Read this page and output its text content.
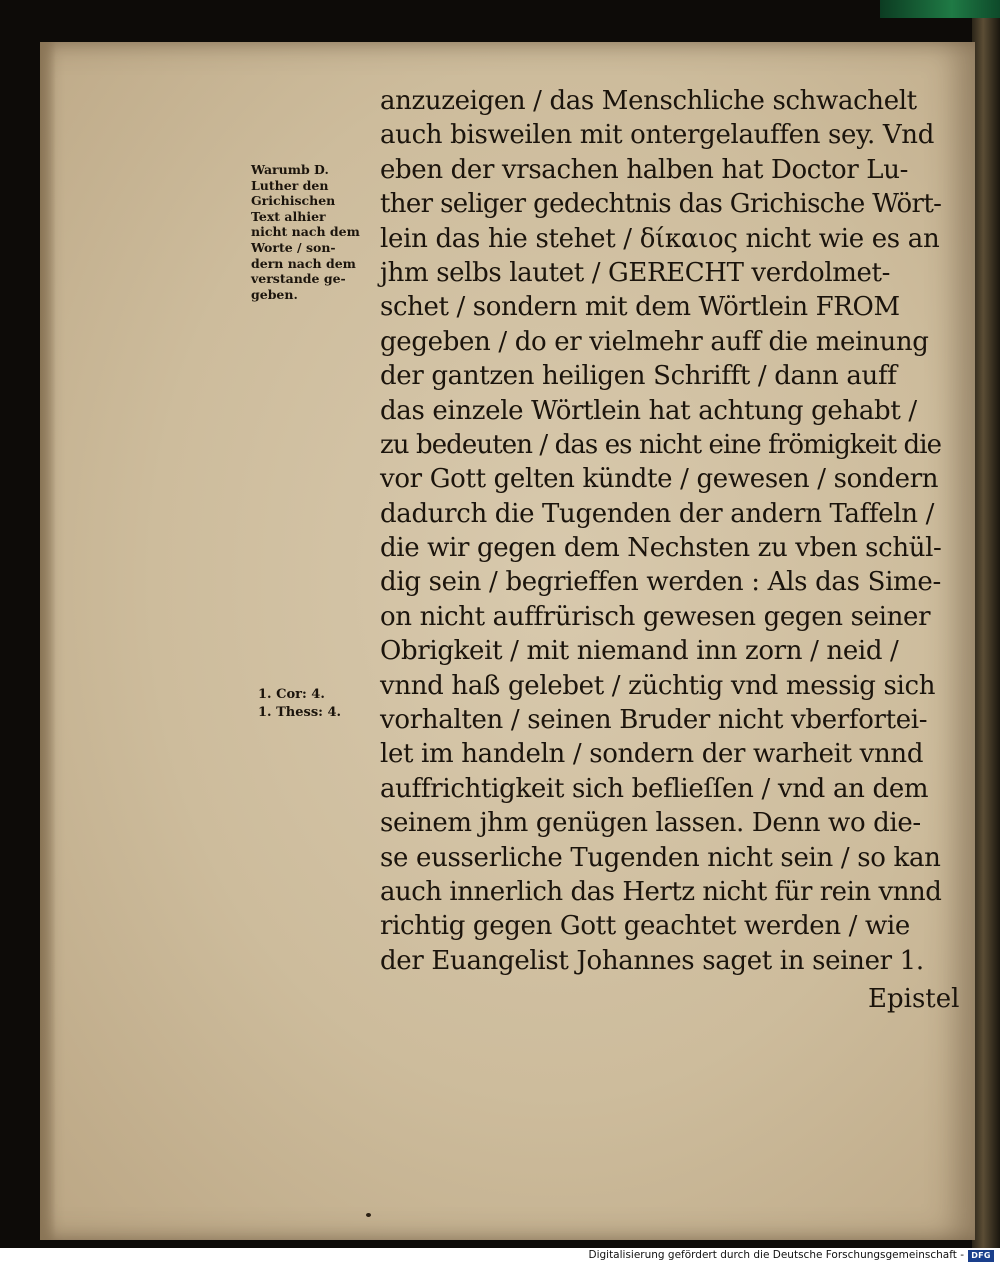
Warumb D.
Luther den
Grichischen
Text alhier
nicht nach dem
Worte / son-
dern nach dem
verstande ge-
geben.
1. Cor: 4.
1. Thess: 4.
anzuzeigen / das Menschliche schwachelt
auch bisweilen mit ontergelauffen sey. Vnd
eben der vrsachen halben hat Doctor Lu-
ther seliger gedechtnis das Grichische Wört-
lein das hie stehet / δίκαιος nicht wie es an
jhm selbs lautet / GERECHT verdolmet-
schet / sondern mit dem Wörtlein FROM
gegeben / do er vielmehr auff die meinung
der gantzen heiligen Schrifft / dann auff
das einzele Wörtlein hat achtung gehabt /
zu bedeuten / das es nicht eine frömigkeit die
vor Gott gelten kündte / gewesen / sondern
dadurch die Tugenden der andern Taffeln /
die wir gegen dem Nechsten zu vben schül-
dig sein / begrieffen werden : Als das Sime-
on nicht auffrürisch gewesen gegen seiner
Obrigkeit / mit niemand inn zorn / neid /
vnnd haß gelebet / züchtig vnd messig sich
vorhalten / seinen Bruder nicht vberfortei-
let im handeln / sondern der warheit vnnd
auffrichtigkeit sich beflieſſen / vnd an dem
seinem jhm genügen lassen. Denn wo die-
se eusserliche Tugenden nicht sein / so kan
auch innerlich das Hertz nicht für rein vnnd
richtig gegen Gott geachtet werden / wie
der Euangelist Johannes saget in seiner 1.
Epistel
Digitalisierung gefördert durch die Deutsche Forschungsgemeinschaft - DFG
